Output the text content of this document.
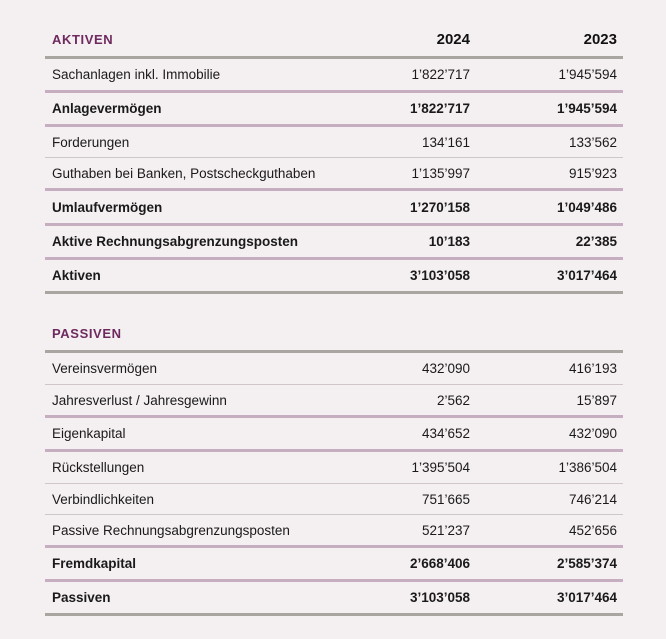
AKTIVEN	2024	2023
Sachanlagen inkl. Immobilie	1’822’717	1’945’594
Anlagevermögen	1’822’717	1’945’594
Forderungen	134’161	133’562
Guthaben bei Banken, Postscheckguthaben	1’135’997	915’923
Umlaufvermögen	1’270’158	1’049’486
Aktive Rechnungsabgrenzungsposten	10’183	22’385
Aktiven	3’103’058	3’017’464
PASSIVEN
Vereinsvermögen	432’090	416’193
Jahresverlust / Jahresgewinn	2’562	15’897
Eigenkapital	434’652	432’090
Rückstellungen	1’395’504	1’386’504
Verbindlichkeiten	751’665	746’214
Passive Rechnungsabgrenzungsposten	521’237	452’656
Fremdkapital	2’668’406	2’585’374
Passiven	3’103’058	3’017’464
